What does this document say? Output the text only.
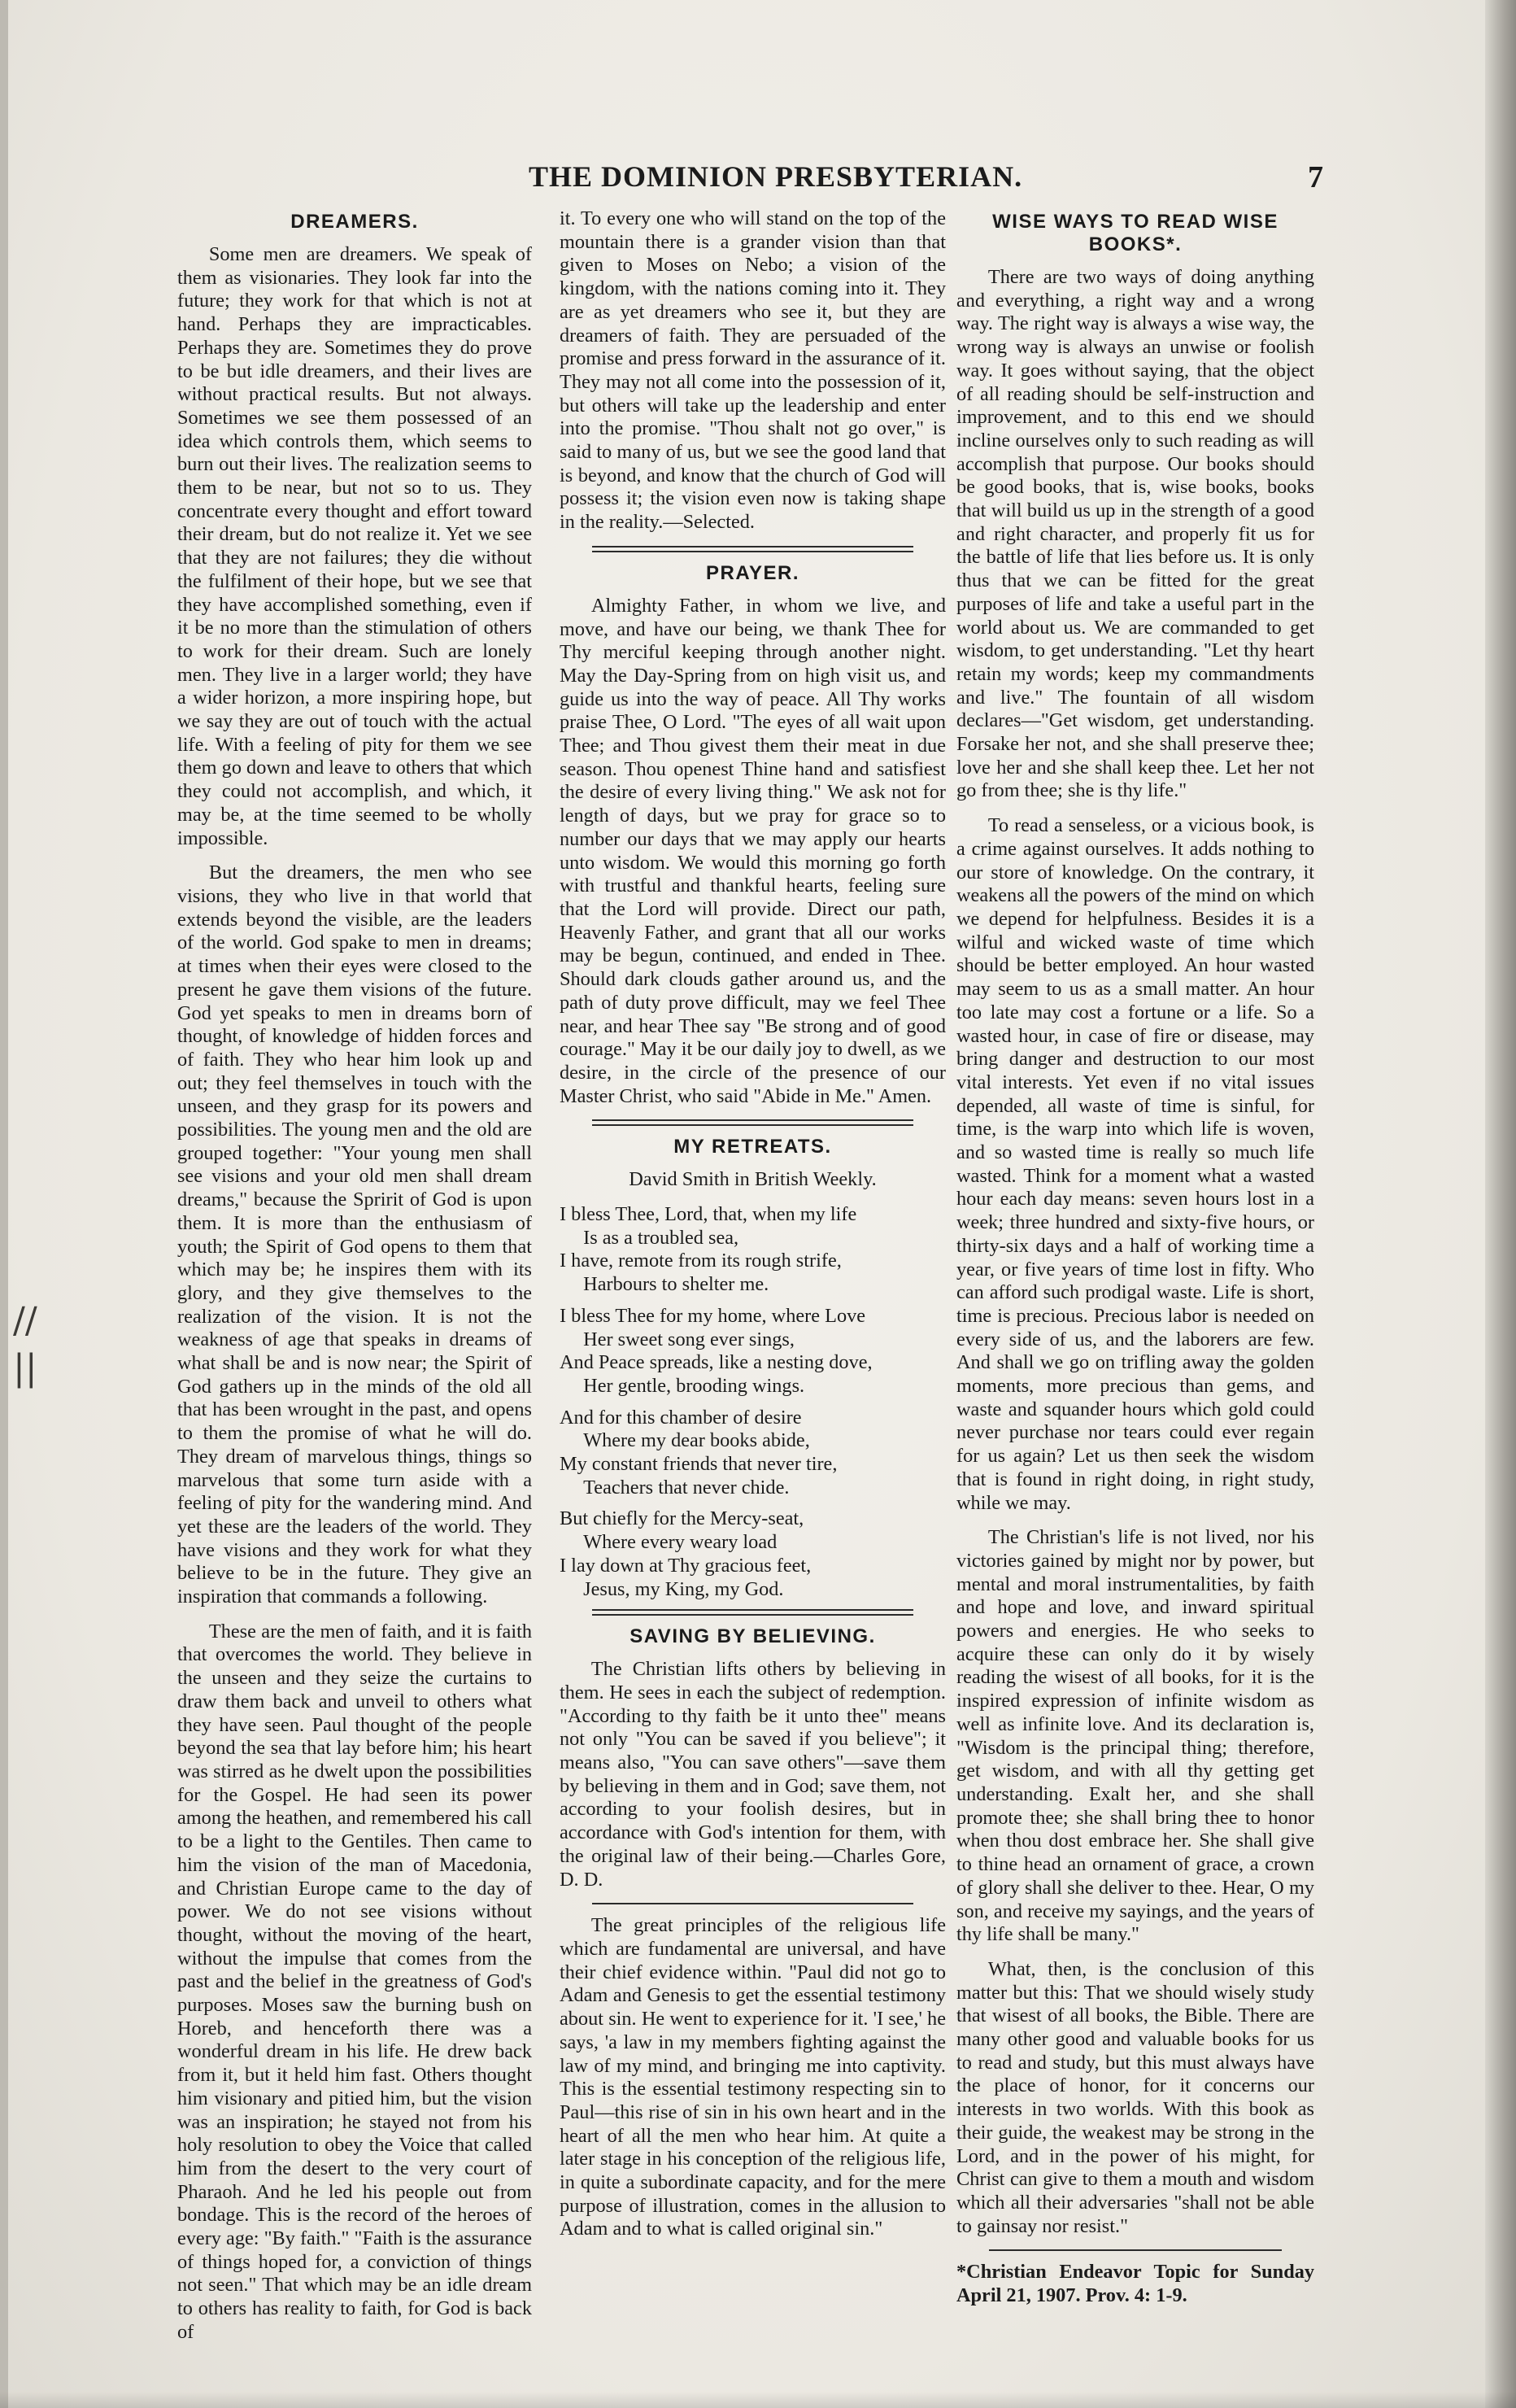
//
||
THE DOMINION PRESBYTERIAN.	7
DREAMERS.

Some men are dreamers. We speak of them as visionaries. They look far into the future; they work for that which is not at hand. Perhaps they are impracticables. Perhaps they are. Sometimes they do prove to be but idle dreamers, and their lives are without practical results. But not always. Sometimes we see them possessed of an idea which controls them, which seems to burn out their lives. The realization seems to them to be near, but not so to us. They concentrate every thought and effort toward their dream, but do not realize it. Yet we see that they are not failures; they die without the fulfilment of their hope, but we see that they have accomplished something, even if it be no more than the stimulation of others to work for their dream. Such are lonely men. They live in a larger world; they have a wider horizon, a more inspiring hope, but we say they are out of touch with the actual life. With a feeling of pity for them we see them go down and leave to others that which they could not accomplish, and which, it may be, at the time seemed to be wholly impossible.

But the dreamers, the men who see visions, they who live in that world that extends beyond the visible, are the leaders of the world. God spake to men in dreams; at times when their eyes were closed to the present he gave them visions of the future. God yet speaks to men in dreams born of thought, of knowledge of hidden forces and of faith. They who hear him look up and out; they feel themselves in touch with the unseen, and they grasp for its powers and possibilities. The young men and the old are grouped together: "Your young men shall see visions and your old men shall dream dreams," because the Spririt of God is upon them. It is more than the enthusiasm of youth; the Spirit of God opens to them that which may be; he inspires them with its glory, and they give themselves to the realization of the vision. It is not the weakness of age that speaks in dreams of what shall be and is now near; the Spirit of God gathers up in the minds of the old all that has been wrought in the past, and opens to them the promise of what he will do. They dream of marvelous things, things so marvelous that some turn aside with a feeling of pity for the wandering mind. And yet these are the leaders of the world. They have visions and they work for what they believe to be in the future. They give an inspiration that commands a following.

These are the men of faith, and it is faith that overcomes the world. They believe in the unseen and they seize the curtains to draw them back and unveil to others what they have seen. Paul thought of the people beyond the sea that lay before him; his heart was stirred as he dwelt upon the possibilities for the Gospel. He had seen its power among the heathen, and remembered his call to be a light to the Gentiles. Then came to him the vision of the man of Macedonia, and Christian Europe came to the day of power. We do not see visions without thought, without the moving of the heart, without the impulse that comes from the past and the belief in the greatness of God's purposes. Moses saw the burning bush on Horeb, and henceforth there was a wonderful dream in his life. He drew back from it, but it held him fast. Others thought him visionary and pitied him, but the vision was an inspiration; he stayed not from his holy resolution to obey the Voice that called him from the desert to the very court of Pharaoh. And he led his people out from bondage. This is the record of the heroes of every age: "By faith." "Faith is the assurance of things hoped for, a conviction of things not seen." That which may be an idle dream to others has reality to faith, for God is back of

it. To every one who will stand on the top of the mountain there is a grander vision than that given to Moses on Nebo; a vision of the kingdom, with the nations coming into it. They are as yet dreamers who see it, but they are dreamers of faith. They are persuaded of the promise and press forward in the assurance of it. They may not all come into the possession of it, but others will take up the leadership and enter into the promise. "Thou shalt not go over," is said to many of us, but we see the good land that is beyond, and know that the church of God will possess it; the vision even now is taking shape in the reality.—Selected.

PRAYER.

Almighty Father, in whom we live, and move, and have our being, we thank Thee for Thy merciful keeping through another night. May the Day-Spring from on high visit us, and guide us into the way of peace. All Thy works praise Thee, O Lord. "The eyes of all wait upon Thee; and Thou givest them their meat in due season. Thou openest Thine hand and satisfiest the desire of every living thing." We ask not for length of days, but we pray for grace so to number our days that we may apply our hearts unto wisdom. We would this morning go forth with trustful and thankful hearts, feeling sure that the Lord will provide. Direct our path, Heavenly Father, and grant that all our works may be begun, continued, and ended in Thee. Should dark clouds gather around us, and the path of duty prove difficult, may we feel Thee near, and hear Thee say "Be strong and of good courage." May it be our daily joy to dwell, as we desire, in the circle of the presence of our Master Christ, who said "Abide in Me." Amen.

MY RETREATS.

David Smith in British Weekly.

I bless Thee, Lord, that, when my life
Is as a troubled sea,
I have, remote from its rough strife,
Harbours to shelter me.
I bless Thee for my home, where Love
Her sweet song ever sings,
And Peace spreads, like a nesting dove,
Her gentle, brooding wings.
And for this chamber of desire
Where my dear books abide,
My constant friends that never tire,
Teachers that never chide.
But chiefly for the Mercy-seat,
Where every weary load
I lay down at Thy gracious feet,
Jesus, my King, my God.
SAVING BY BELIEVING.

The Christian lifts others by believing in them. He sees in each the subject of redemption. "According to thy faith be it unto thee" means not only "You can be saved if you believe"; it means also, "You can save others"—save them by believing in them and in God; save them, not according to your foolish desires, but in accordance with God's intention for them, with the original law of their being.—Charles Gore, D. D.

The great principles of the religious life which are fundamental are universal, and have their chief evidence within. "Paul did not go to Adam and Genesis to get the essential testimony about sin. He went to experience for it. 'I see,' he says, 'a law in my members fighting against the law of my mind, and bringing me into captivity. This is the essential testimony respecting sin to Paul—this rise of sin in his own heart and in the heart of all the men who hear him. At quite a later stage in his conception of the religious life, in quite a subordinate capacity, and for the mere purpose of illustration, comes in the allusion to Adam and to what is called original sin."

WISE WAYS TO READ WISE BOOKS*.

There are two ways of doing anything and everything, a right way and a wrong way. The right way is always a wise way, the wrong way is always an unwise or foolish way. It goes without saying, that the object of all reading should be self-instruction and improvement, and to this end we should incline ourselves only to such reading as will accomplish that purpose. Our books should be good books, that is, wise books, books that will build us up in the strength of a good and right character, and properly fit us for the battle of life that lies before us. It is only thus that we can be fitted for the great purposes of life and take a useful part in the world about us. We are commanded to get wisdom, to get understanding. "Let thy heart retain my words; keep my commandments and live." The fountain of all wisdom declares—"Get wisdom, get understanding. Forsake her not, and she shall preserve thee; love her and she shall keep thee. Let her not go from thee; she is thy life."

To read a senseless, or a vicious book, is a crime against ourselves. It adds nothing to our store of knowledge. On the contrary, it weakens all the powers of the mind on which we depend for helpfulness. Besides it is a wilful and wicked waste of time which should be better employed. An hour wasted may seem to us as a small matter. An hour too late may cost a fortune or a life. So a wasted hour, in case of fire or disease, may bring danger and destruction to our most vital interests. Yet even if no vital issues depended, all waste of time is sinful, for time, is the warp into which life is woven, and so wasted time is really so much life wasted. Think for a moment what a wasted hour each day means: seven hours lost in a week; three hundred and sixty-five hours, or thirty-six days and a half of working time a year, or five years of time lost in fifty. Who can afford such prodigal waste. Life is short, time is precious. Precious labor is needed on every side of us, and the laborers are few. And shall we go on trifling away the golden moments, more precious than gems, and waste and squander hours which gold could never purchase nor tears could ever regain for us again? Let us then seek the wisdom that is found in right doing, in right study, while we may.

The Christian's life is not lived, nor his victories gained by might nor by power, but mental and moral instrumentalities, by faith and hope and love, and inward spiritual powers and energies. He who seeks to acquire these can only do it by wisely reading the wisest of all books, for it is the inspired expression of infinite wisdom as well as infinite love. And its declaration is, "Wisdom is the principal thing; therefore, get wisdom, and with all thy getting get understanding. Exalt her, and she shall promote thee; she shall bring thee to honor when thou dost embrace her. She shall give to thine head an ornament of grace, a crown of glory shall she deliver to thee. Hear, O my son, and receive my sayings, and the years of thy life shall be many."

What, then, is the conclusion of this matter but this: That we should wisely study that wisest of all books, the Bible. There are many other good and valuable books for us to read and study, but this must always have the place of honor, for it concerns our interests in two worlds. With this book as their guide, the weakest may be strong in the Lord, and in the power of his might, for Christ can give to them a mouth and wisdom which all their adversaries "shall not be able to gainsay nor resist."

*Christian Endeavor Topic for Sunday April 21, 1907. Prov. 4: 1-9.
